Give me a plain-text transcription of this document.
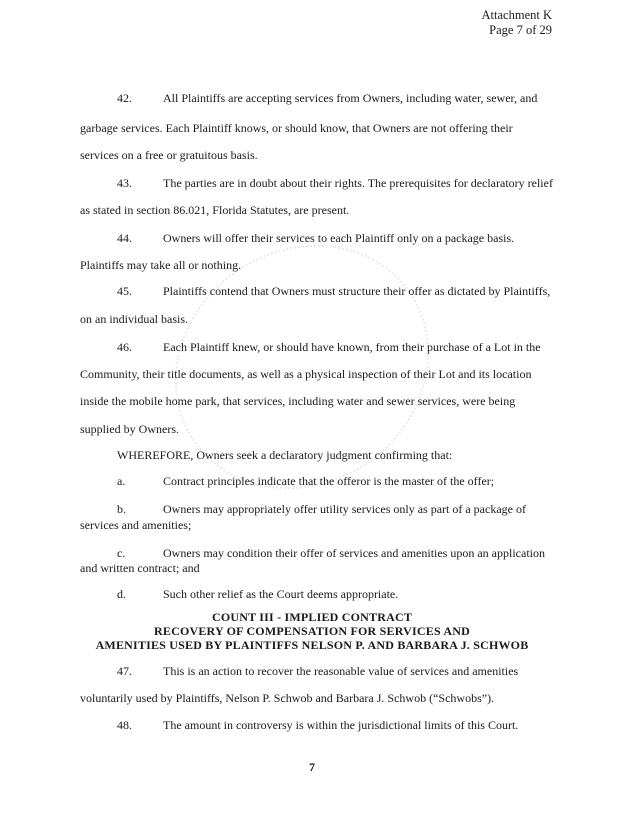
Attachment K
Page 7 of 29
42.	All Plaintiffs are accepting services from Owners, including water, sewer, and
garbage services. Each Plaintiff knows, or should know, that Owners are not offering their
services on a free or gratuitous basis.
43.	The parties are in doubt about their rights. The prerequisites for declaratory relief
as stated in section 86.021, Florida Statutes, are present.
44.	Owners will offer their services to each Plaintiff only on a package basis.
Plaintiffs may take all or nothing.
45.	Plaintiffs contend that Owners must structure their offer as dictated by Plaintiffs,
on an individual basis.
46.	Each Plaintiff knew, or should have known, from their purchase of a Lot in the
Community, their title documents, as well as a physical inspection of their Lot and its location
inside the mobile home park, that services, including water and sewer services, were being
supplied by Owners.
WHEREFORE, Owners seek a declaratory judgment confirming that:
a.	Contract principles indicate that the offeror is the master of the offer;
b.	Owners may appropriately offer utility services only as part of a package of
services and amenities;
c.	Owners may condition their offer of services and amenities upon an application
and written contract; and
d.	Such other relief as the Court deems appropriate.
COUNT III - IMPLIED CONTRACT
RECOVERY OF COMPENSATION FOR SERVICES AND
AMENITIES USED BY PLAINTIFFS NELSON P. AND BARBARA J. SCHWOB
47.	This is an action to recover the reasonable value of services and amenities
voluntarily used by Plaintiffs, Nelson P. Schwob and Barbara J. Schwob (“Schwobs”).
48.	The amount in controversy is within the jurisdictional limits of this Court.
7
